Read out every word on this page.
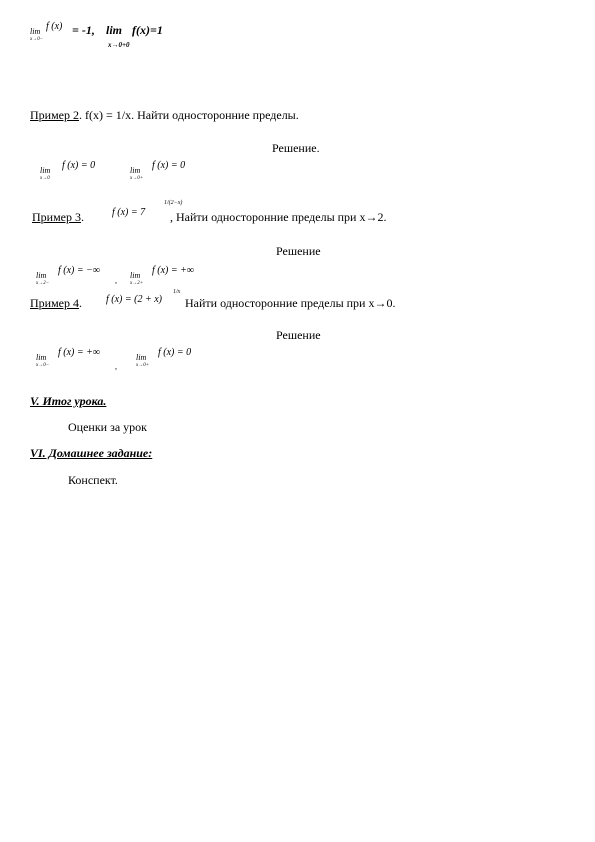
lim
x→0−
f (x) = -1, lim f(x)=1
x→0+0
Пример 2. f(x) = 1/x. Найти односторонние пределы.
Решение.
lim
x→0
f (x) = 0	lim
x→0+
f (x) = 0
Пример 3.	f (x) = 7
1/(2−x)
, Найти односторонние пределы при x→2.
Решение
lim
x→2−
f (x) = −∞
,
lim
x→2+
f (x) = +∞
Пример 4. f (x) = (2 + x)
1/x
Найти односторонние пределы при x→0.
Решение
lim
x→0−
f (x) = +∞
,
lim
x→0+
f (x) = 0
V. Итог урока.
Оценки за урок
VI. Домашнее задание:
Конспект.
